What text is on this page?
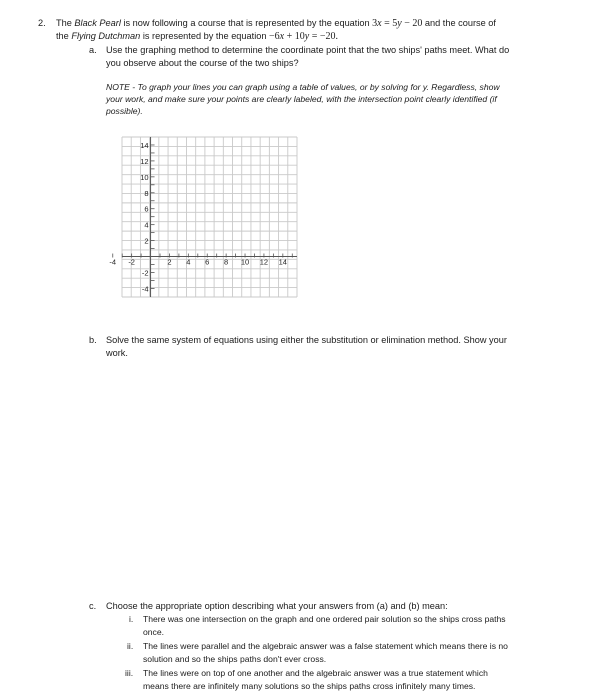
2. The Black Pearl is now following a course that is represented by the equation 3x = 5y − 20 and the course of
the Flying Dutchman is represented by the equation −6x + 10y = −20.
a. Use the graphing method to determine the coordinate point that the two ships' paths meet. What do
you observe about the course of the two ships?
NOTE - To graph your lines you can graph using a table of values, or by solving for y. Regardless, show
your work, and make sure your points are clearly labeled, with the intersection point clearly identified (if
possible).
14
12
10
8
6
4
2
-2
-4
-4 -2	2 4 6 8 10 12 14
b. Solve the same system of equations using either the substitution or elimination method. Show your
work.
c. Choose the appropriate option describing what your answers from (a) and (b) mean:
i. There was one intersection on the graph and one ordered pair solution so the ships cross paths
once.
ii. The lines were parallel and the algebraic answer was a false statement which means there is no
solution and so the ships paths don't ever cross.
iii. The lines were on top of one another and the algebraic answer was a true statement which
means there are infinitely many solutions so the ships paths cross infinitely many times.
